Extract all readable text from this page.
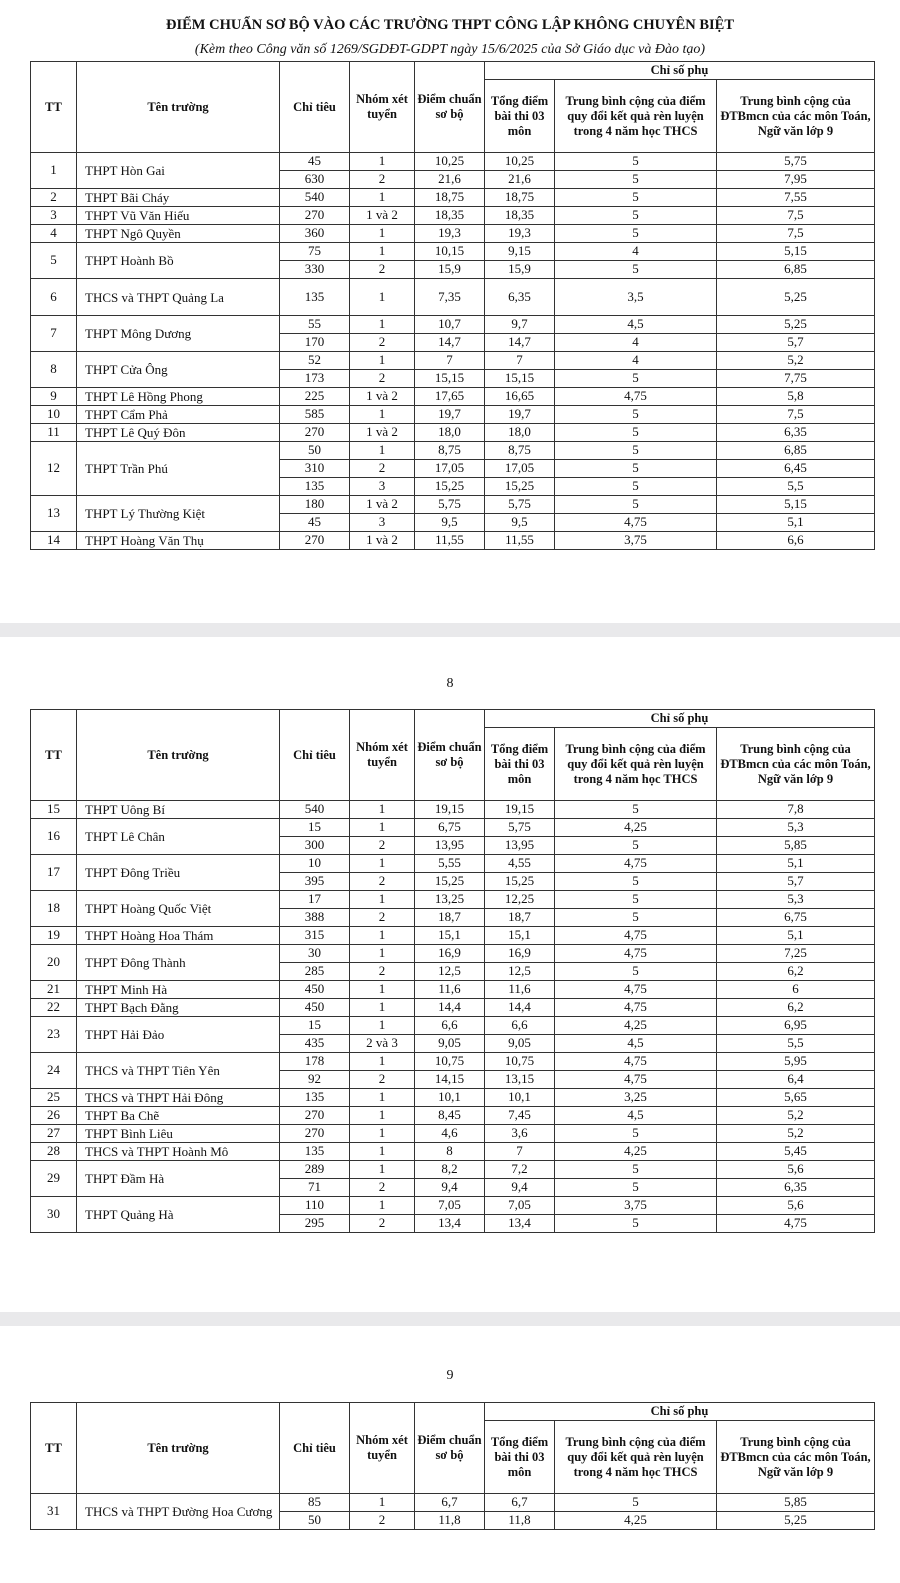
ĐIỂM CHUẨN SƠ BỘ VÀO CÁC TRƯỜNG THPT CÔNG LẬP KHÔNG CHUYÊN BIỆT
(Kèm theo Công văn số 1269/SGDĐT-GDPT ngày 15/6/2025 của Sở Giáo dục và Đào tạo)
TT	Tên trường	Chỉ tiêu	Nhóm xét tuyển	Điểm chuẩn sơ bộ	Chỉ số phụ		
					Tổng điểm bài thi 03 môn	Trung bình cộng của điểm quy đổi kết quả rèn luyện trong 4 năm học THCS	Trung bình cộng của ĐTBmcn của các môn Toán, Ngữ văn lớp 9
1	THPT Hòn Gai	45	1	10,25	10,25	5	5,75
		630	2	21,6	21,6	5	7,95
2	THPT Bãi Cháy	540	1	18,75	18,75	5	7,55
3	THPT Vũ Văn Hiếu	270	1 và 2	18,35	18,35	5	7,5
4	THPT Ngô Quyền	360	1	19,3	19,3	5	7,5
5	THPT Hoành Bồ	75	1	10,15	9,15	4	5,15
		330	2	15,9	15,9	5	6,85
6	THCS và THPT Quảng La	135	1	7,35	6,35	3,5	5,25
7	THPT Mông Dương	55	1	10,7	9,7	4,5	5,25
		170	2	14,7	14,7	4	5,7
8	THPT Cửa Ông	52	1	7	7	4	5,2
		173	2	15,15	15,15	5	7,75
9	THPT Lê Hồng Phong	225	1 và 2	17,65	16,65	4,75	5,8
10	THPT Cẩm Phả	585	1	19,7	19,7	5	7,5
11	THPT Lê Quý Đôn	270	1 và 2	18,0	18,0	5	6,35
12	THPT Trần Phú	50	1	8,75	8,75	5	6,85
		310	2	17,05	17,05	5	6,45
		135	3	15,25	15,25	5	5,5
13	THPT Lý Thường Kiệt	180	1 và 2	5,75	5,75	5	5,15
		45	3	9,5	9,5	4,75	5,1
14	THPT Hoàng Văn Thụ	270	1 và 2	11,55	11,55	3,75	6,6
8
TT	Tên trường	Chỉ tiêu	Nhóm xét tuyển	Điểm chuẩn sơ bộ	Chỉ số phụ		
					Tổng điểm bài thi 03 môn	Trung bình cộng của điểm quy đổi kết quả rèn luyện trong 4 năm học THCS	Trung bình cộng của ĐTBmcn của các môn Toán, Ngữ văn lớp 9
15	THPT Uông Bí	540	1	19,15	19,15	5	7,8
16	THPT Lê Chân	15	1	6,75	5,75	4,25	5,3
		300	2	13,95	13,95	5	5,85
17	THPT Đông Triều	10	1	5,55	4,55	4,75	5,1
		395	2	15,25	15,25	5	5,7
18	THPT Hoàng Quốc Việt	17	1	13,25	12,25	5	5,3
		388	2	18,7	18,7	5	6,75
19	THPT Hoàng Hoa Thám	315	1	15,1	15,1	4,75	5,1
20	THPT Đông Thành	30	1	16,9	16,9	4,75	7,25
		285	2	12,5	12,5	5	6,2
21	THPT Minh Hà	450	1	11,6	11,6	4,75	6
22	THPT Bạch Đằng	450	1	14,4	14,4	4,75	6,2
23	THPT Hải Đảo	15	1	6,6	6,6	4,25	6,95
		435	2 và 3	9,05	9,05	4,5	5,5
24	THCS và THPT Tiên Yên	178	1	10,75	10,75	4,75	5,95
		92	2	14,15	13,15	4,75	6,4
25	THCS và THPT Hải Đông	135	1	10,1	10,1	3,25	5,65
26	THPT Ba Chẽ	270	1	8,45	7,45	4,5	5,2
27	THPT Bình Liêu	270	1	4,6	3,6	5	5,2
28	THCS và THPT Hoành Mô	135	1	8	7	4,25	5,45
29	THPT Đầm Hà	289	1	8,2	7,2	5	5,6
		71	2	9,4	9,4	5	6,35
30	THPT Quảng Hà	110	1	7,05	7,05	3,75	5,6
		295	2	13,4	13,4	5	4,75
9
TT	Tên trường	Chỉ tiêu	Nhóm xét tuyển	Điểm chuẩn sơ bộ	Chỉ số phụ		
					Tổng điểm bài thi 03 môn	Trung bình cộng của điểm quy đổi kết quả rèn luyện trong 4 năm học THCS	Trung bình cộng của ĐTBmcn của các môn Toán, Ngữ văn lớp 9
31	THCS và THPT Đường Hoa Cương	85	1	6,7	6,7	5	5,85
		50	2	11,8	11,8	4,25	5,25
